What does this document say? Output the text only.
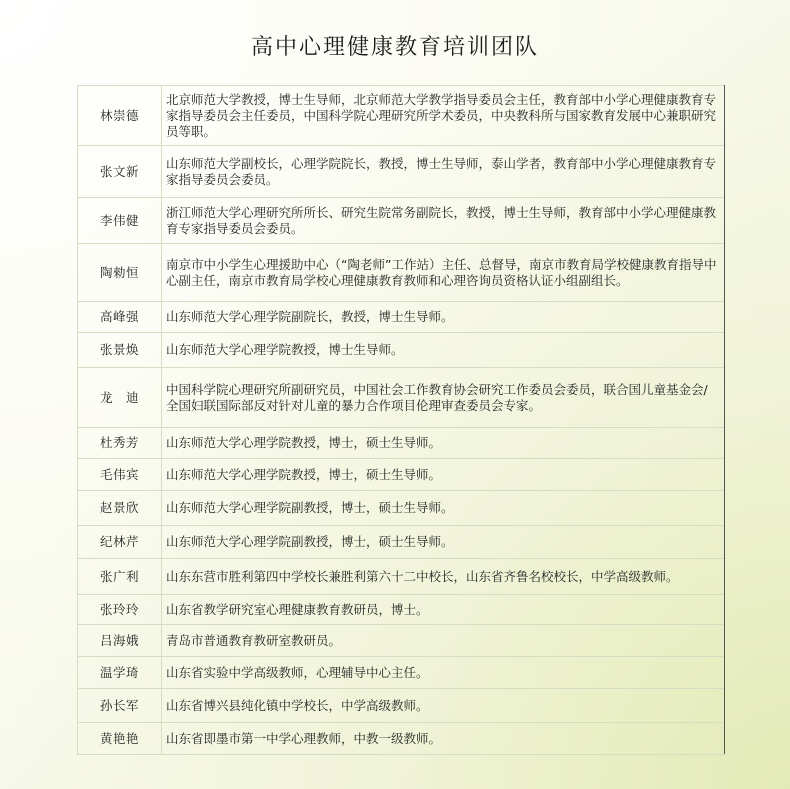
高中心理健康教育培训团队
林崇德	北京师范大学教授，博士生导师，北京师范大学教学指导委员会主任，教育部中小学心理健康教育专家指导委员会主任委员，中国科学院心理研究所学术委员，中央教科所与国家教育发展中心兼职研究员等职。
张文新	山东师范大学副校长，心理学院院长，教授，博士生导师，泰山学者，教育部中小学心理健康教育专家指导委员会委员。
李伟健	浙江师范大学心理研究所所长、研究生院常务副院长，教授，博士生导师，教育部中小学心理健康教育专家指导委员会委员。
陶勑恒	南京市中小学生心理援助中心（“陶老师”工作站）主任、总督导，南京市教育局学校健康教育指导中心副主任，南京市教育局学校心理健康教育教师和心理咨询员资格认证小组副组长。
高峰强	山东师范大学心理学院副院长，教授，博士生导师。
张景焕	山东师范大学心理学院教授，博士生导师。
龙　迪	中国科学院心理研究所副研究员，中国社会工作教育协会研究工作委员会委员，联合国儿童基金会/全国妇联国际部反对针对儿童的暴力合作项目伦理审查委员会专家。
杜秀芳	山东师范大学心理学院教授，博士，硕士生导师。
毛伟宾	山东师范大学心理学院教授，博士，硕士生导师。
赵景欣	山东师范大学心理学院副教授，博士，硕士生导师。
纪林芹	山东师范大学心理学院副教授，博士，硕士生导师。
张广利	山东东营市胜利第四中学校长兼胜利第六十二中校长，山东省齐鲁名校校长，中学高级教师。
张玲玲	山东省教学研究室心理健康教育教研员，博士。
吕海娥	青岛市普通教育教研室教研员。
温学琦	山东省实验中学高级教师，心理辅导中心主任。
孙长军	山东省博兴县纯化镇中学校长，中学高级教师。
黄艳艳	山东省即墨市第一中学心理教师，中教一级教师。
